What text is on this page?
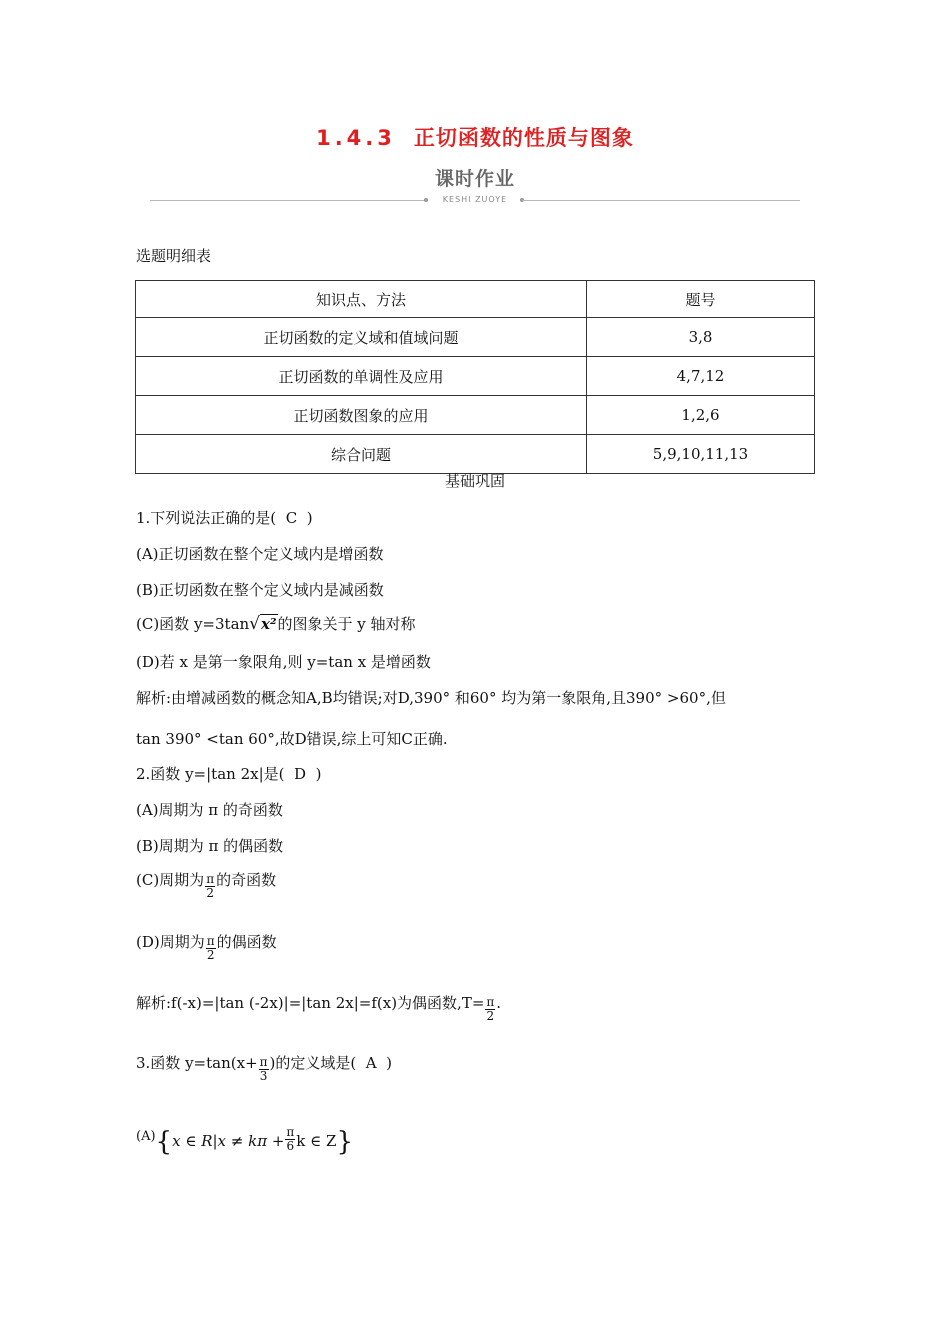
1.4.3 正切函数的性质与图象
课时作业
KESHI ZUOYE
选题明细表
知识点、方法	题号
正切函数的定义域和值域问题	3,8
正切函数的单调性及应用	4,7,12
正切函数图象的应用	1,2,6
综合问题	5,9,10,11,13
基础巩固
1.下列说法正确的是(  C  )
(A)正切函数在整个定义域内是增函数
(B)正切函数在整个定义域内是减函数
(C)函数 y=3tan√x²的图象关于 y 轴对称
(D)若 x 是第一象限角,则 y=tan x 是增函数
解析:由增减函数的概念知A,B均错误;对D,390° 和60° 均为第一象限角,且390° >60°,但
tan 390° <tan 60°,故D错误,综上可知C正确.
2.函数 y=|tan 2x|是(  D  )
(A)周期为 π 的奇函数
(B)周期为 π 的偶函数
(C)周期为 $\frac{\pi}{2}$ 的奇函数
(D)周期为 $\frac{\pi}{2}$ 的偶函数
解析:f(-x)=|tan (-2x)|=|tan 2x|=f(x)为偶函数$,T= \frac{\pi}{2}$ .
3.函数 $y=\tan(x+ \frac{\pi}{3}$ )的定义域是(  A  )
(A){x ∈ $R|x \ne k\pi + \frac{\pi}{6}$ k ∈ Z}
